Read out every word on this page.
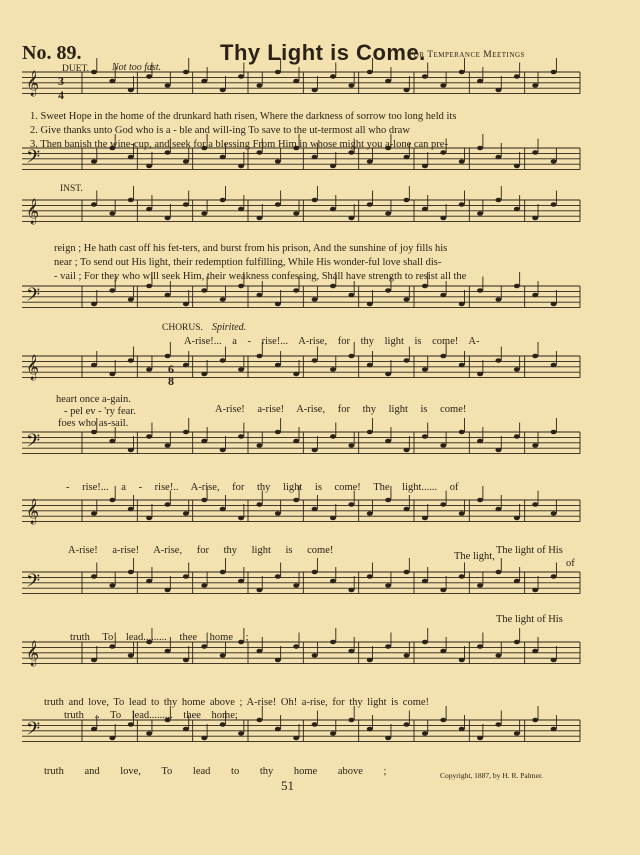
𝄞
𝄢
𝄞
𝄢
𝄞
𝄢
𝄞
𝄢
𝄞
𝄢
No. 89.	Thy Light is Come.
For Temperance Meetings
DUET. Not too fast.
3
4
1. Sweet Hope in the home of the drunkard hath risen, Where the darkness of sorrow too long held its
2. Give thanks unto God who is a - ble and will-ing To save to the ut-termost all who draw
3. Then banish the wine-cup, and seek for a blessing From Him in whose might you a-lone can pre-
INST.
reign ; He hath cast off his fet-ters, and burst from his prison, And the sunshine of joy fills his
near ; To send out His light, their redemption fulfilling, While His wonder-ful love shall dis-
- vail ; For they who will seek Him, their weakness confessing, Shall have strength to resist all the
CHORUS. Spirited.
A-rise!... a - rise!... A-rise, for thy light is come! A-
heart once a-gain.
- pel ev - 'ry fear.
foes who as-sail.
A-rise! a-rise! A-rise, for thy light is come!
6
8
- rise!... a - rise!.. A-rise, for thy light is come! The light...... of
A-rise! a-rise! A-rise, for thy light is come!
The light,
The light of His
of
The light of His
truth To lead......... thee home ;
truth and love, To lead to thy home above ; A-rise! Oh! a-rise, for thy light is come!
truth .. To lead......... thee home;
truth and love, To lead to thy home above ;	Copyright, 1887, by H. R. Palmer.
51
